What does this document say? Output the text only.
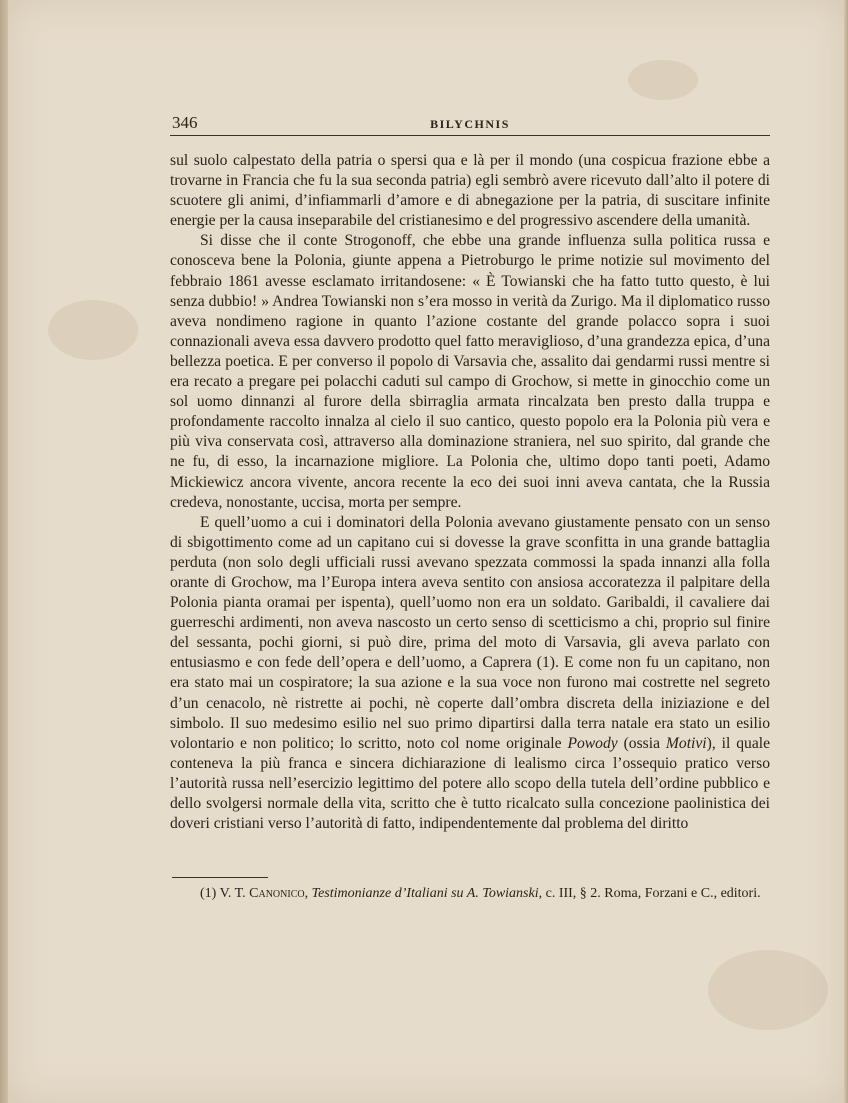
346	BILYCHNIS

sul suolo calpestato della patria o spersi qua e là per il mondo (una cospicua frazione ebbe a trovarne in Francia che fu la sua seconda patria) egli sembrò avere ricevuto dall’alto il potere di scuotere gli animi, d’infiammarli d’amore e di abnegazione per la patria, di suscitare infinite energie per la causa inseparabile del cristianesimo e del progressivo ascendere della umanità.

Si disse che il conte Strogonoff, che ebbe una grande influenza sulla politica russa e conosceva bene la Polonia, giunte appena a Pietroburgo le prime notizie sul movimento del febbraio 1861 avesse esclamato irritandosene: « È Towianski che ha fatto tutto questo, è lui senza dubbio! » Andrea Towianski non s’era mosso in verità da Zurigo. Ma il diplomatico russo aveva nondimeno ragione in quanto l’azione costante del grande polacco sopra i suoi connazionali aveva essa davvero prodotto quel fatto meraviglioso, d’una grandezza epica, d’una bellezza poetica. E per converso il popolo di Varsavia che, assalito dai gendarmi russi mentre si era recato a pregare pei polacchi caduti sul campo di Grochow, si mette in ginocchio come un sol uomo dinnanzi al furore della sbirraglia armata rincalzata ben presto dalla truppa e profondamente raccolto innalza al cielo il suo cantico, questo popolo era la Polonia più vera e più viva conservata così, attraverso alla dominazione straniera, nel suo spirito, dal grande che ne fu, di esso, la incarnazione migliore. La Polonia che, ultimo dopo tanti poeti, Adamo Mickiewicz ancora vivente, ancora recente la eco dei suoi inni aveva cantata, che la Russia credeva, nonostante, uccisa, morta per sempre.

E quell’uomo a cui i dominatori della Polonia avevano giustamente pensato con un senso di sbigottimento come ad un capitano cui si dovesse la grave sconfitta in una grande battaglia perduta (non solo degli ufficiali russi avevano spezzata commossi la spada innanzi alla folla orante di Grochow, ma l’Europa intera aveva sentito con ansiosa accoratezza il palpitare della Polonia pianta oramai per ispenta), quell’uomo non era un soldato. Garibaldi, il cavaliere dai guerreschi ardimenti, non aveva nascosto un certo senso di scetticismo a chi, proprio sul finire del sessanta, pochi giorni, si può dire, prima del moto di Varsavia, gli aveva parlato con entusiasmo e con fede dell’opera e dell’uomo, a Caprera (1). E come non fu un capitano, non era stato mai un cospiratore; la sua azione e la sua voce non furono mai costrette nel segreto d’un cenacolo, nè ristrette ai pochi, nè coperte dall’ombra discreta della iniziazione e del simbolo. Il suo medesimo esilio nel suo primo dipartirsi dalla terra natale era stato un esilio volontario e non politico; lo scritto, noto col nome originale Powody (ossia Motivi), il quale conteneva la più franca e sincera dichiarazione di lealismo circa l’ossequio pratico verso l’autorità russa nell’esercizio legittimo del potere allo scopo della tutela dell’ordine pubblico e dello svolgersi normale della vita, scritto che è tutto ricalcato sulla concezione paolinistica dei doveri cristiani verso l’autorità di fatto, indipendentemente dal problema del diritto

(1) V. T. Canonico, Testimonianze d’Italiani su A. Towianski, c. III, § 2. Roma, Forzani e C., editori.
